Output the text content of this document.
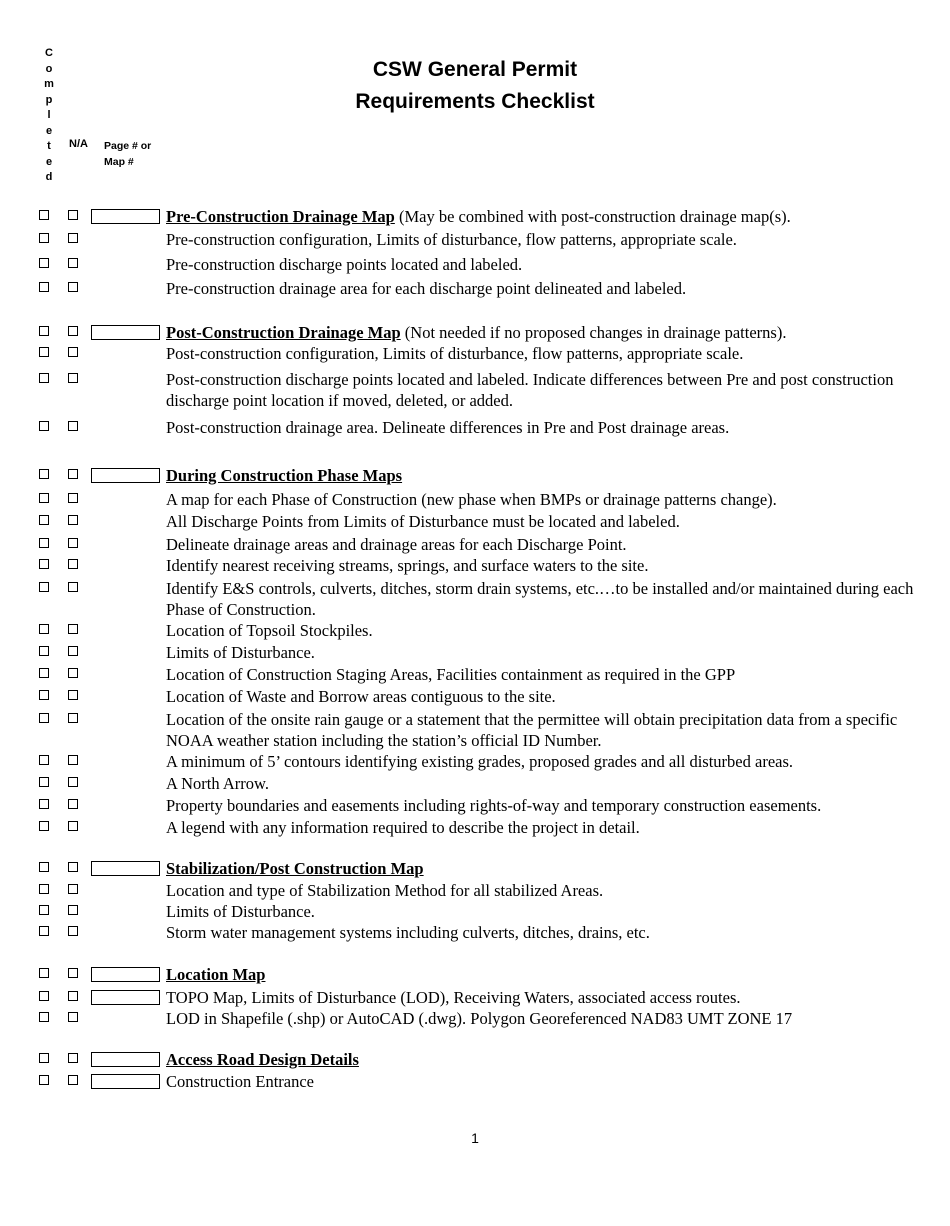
C
o
m
p
l
e
t
e
d
N/A Page # or Map #
CSW General Permit
Requirements Checklist
Pre-Construction Drainage Map (May be combined with post-construction drainage map(s).
Pre-construction configuration, Limits of disturbance, flow patterns, appropriate scale.
Pre-construction discharge points located and labeled.
Pre-construction drainage area for each discharge point delineated and labeled.
Post-Construction Drainage Map (Not needed if no proposed changes in drainage patterns).
Post-construction configuration, Limits of disturbance, flow patterns, appropriate scale.
Post-construction discharge points located and labeled. Indicate differences between Pre and post construction discharge point location if moved, deleted, or added.
Post-construction drainage area. Delineate differences in Pre and Post drainage areas.
During Construction Phase Maps
A map for each Phase of Construction (new phase when BMPs or drainage patterns change).
All Discharge Points from Limits of Disturbance must be located and labeled.
Delineate drainage areas and drainage areas for each Discharge Point.
Identify nearest receiving streams, springs, and surface waters to the site.
Identify E&S controls, culverts, ditches, storm drain systems, etc.…to be installed and/or maintained during each Phase of Construction.
Location of Topsoil Stockpiles.
Limits of Disturbance.
Location of Construction Staging Areas, Facilities containment as required in the GPP
Location of Waste and Borrow areas contiguous to the site.
Location of the onsite rain gauge or a statement that the permittee will obtain precipitation data from a specific NOAA weather station including the station’s official ID Number.
A minimum of 5’ contours identifying existing grades, proposed grades and all disturbed areas.
A North Arrow.
Property boundaries and easements including rights-of-way and temporary construction easements.
A legend with any information required to describe the project in detail.
Stabilization/Post Construction Map
Location and type of Stabilization Method for all stabilized Areas.
Limits of Disturbance.
Storm water management systems including culverts, ditches, drains, etc.
Location Map
TOPO Map, Limits of Disturbance (LOD), Receiving Waters, associated access routes.
LOD in Shapefile (.shp) or AutoCAD (.dwg). Polygon Georeferenced NAD83 UMT ZONE 17
Access Road Design Details
Construction Entrance
1
